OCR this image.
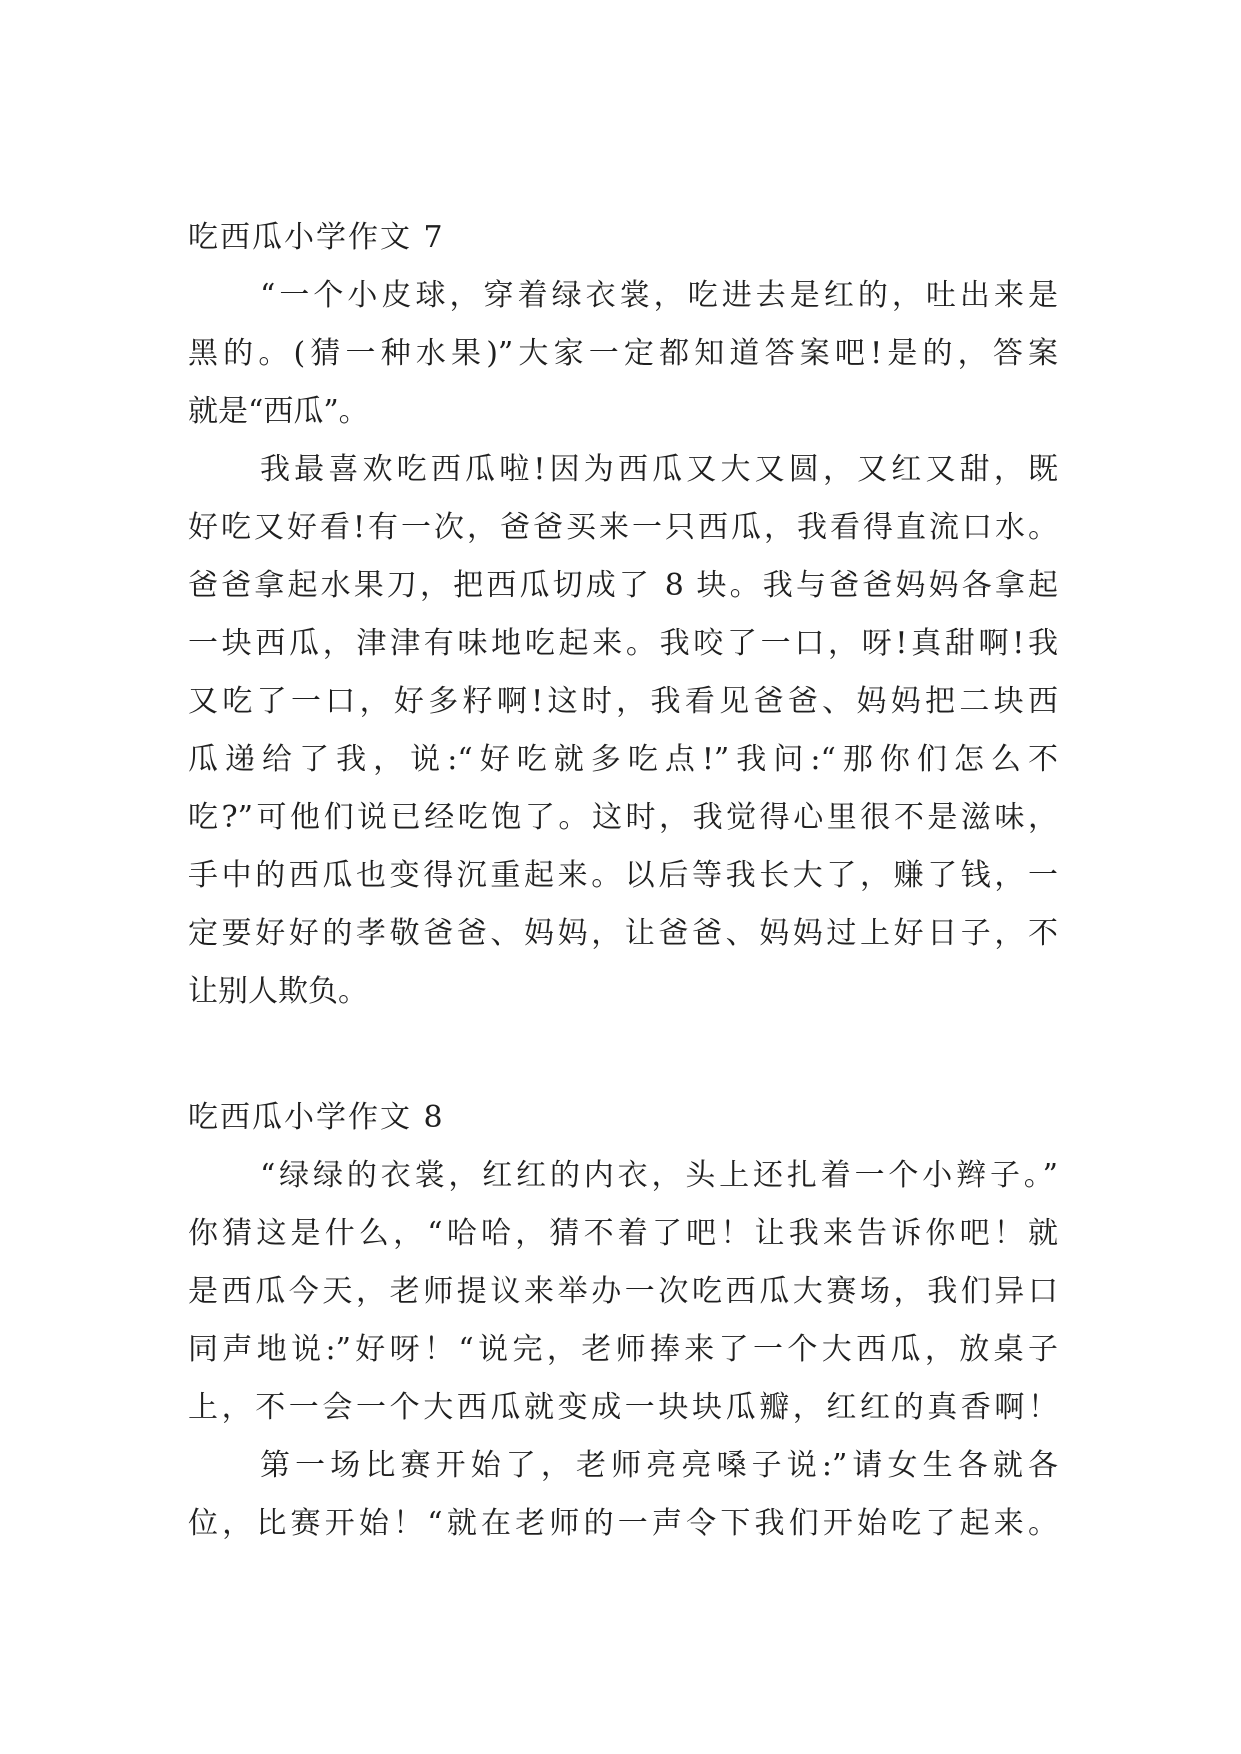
吃西瓜小学作文 7

“一个小皮球，穿着绿衣裳，吃进去是红的，吐出来是

黑的。(猜一种水果)”大家一定都知道答案吧!是的，答案

就是“西瓜”。

我最喜欢吃西瓜啦!因为西瓜又大又圆，又红又甜，既

好吃又好看!有一次，爸爸买来一只西瓜，我看得直流口水。

爸爸拿起水果刀，把西瓜切成了 8 块。我与爸爸妈妈各拿起

一块西瓜，津津有味地吃起来。我咬了一口，呀!真甜啊!我

又吃了一口，好多籽啊!这时，我看见爸爸、妈妈把二块西

瓜递给了我，说:“好吃就多吃点!”我问:“那你们怎么不

吃?”可他们说已经吃饱了。这时，我觉得心里很不是滋味，

手中的西瓜也变得沉重起来。以后等我长大了，赚了钱，一

定要好好的孝敬爸爸、妈妈，让爸爸、妈妈过上好日子，不

让别人欺负。

吃西瓜小学作文 8

“绿绿的衣裳，红红的内衣，头上还扎着一个小辫子。”

你猜这是什么，“哈哈，猜不着了吧！让我来告诉你吧！就

是西瓜今天，老师提议来举办一次吃西瓜大赛场，我们异口

同声地说:”好呀！“说完，老师捧来了一个大西瓜，放桌子

上，不一会一个大西瓜就变成一块块瓜瓣，红红的真香啊！

第一场比赛开始了，老师亮亮嗓子说:”请女生各就各

位，比赛开始！“就在老师的一声令下我们开始吃了起来。
